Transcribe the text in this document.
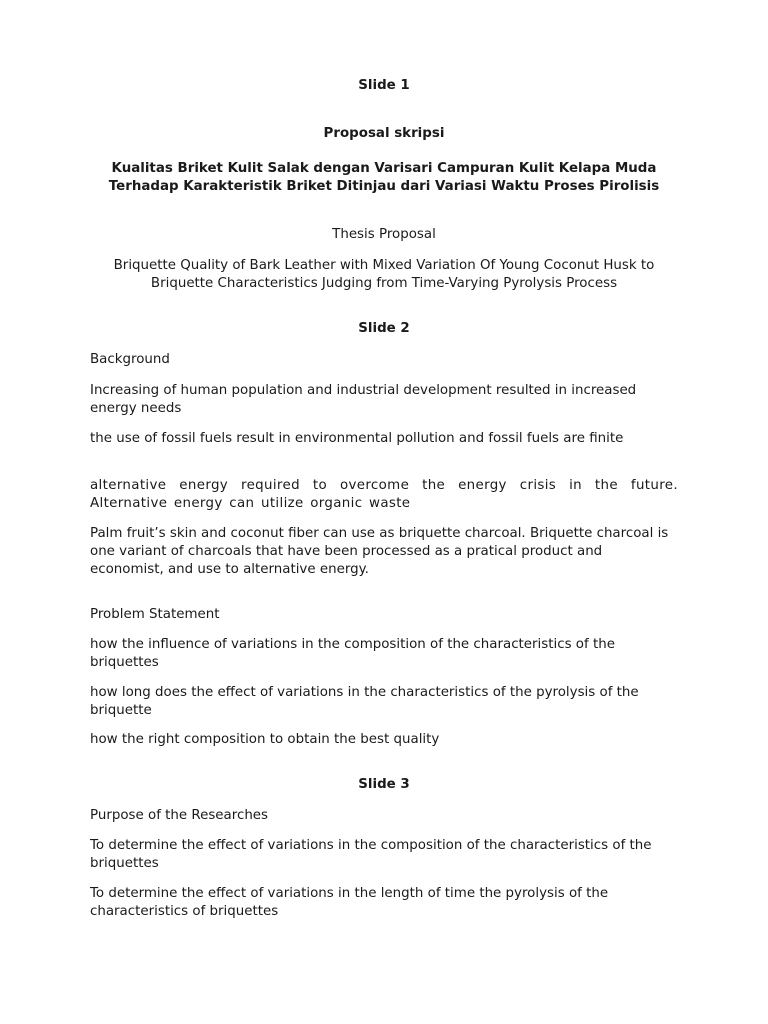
Slide 1

Proposal skripsi

Kualitas Briket Kulit Salak dengan Varisari Campuran Kulit Kelapa Muda Terhadap Karakteristik Briket Ditinjau dari Variasi Waktu Proses Pirolisis

Thesis Proposal

Briquette Quality of Bark Leather with Mixed Variation Of Young Coconut Husk to Briquette Characteristics Judging from Time-Varying Pyrolysis Process

Slide 2

Background

Increasing of human population and industrial development resulted in increased energy needs

the use of fossil fuels result in environmental pollution and fossil fuels are finite

alternative energy required to overcome the energy crisis in the future. Alternative energy can utilize organic waste

Palm fruit’s skin and coconut fiber can use as briquette charcoal. Briquette charcoal is one variant of charcoals that have been processed as a pratical product and economist, and use to alternative energy.

Problem Statement

how the influence of variations in the composition of the characteristics of the briquettes

how long does the effect of variations in the characteristics of the pyrolysis of the briquette

how the right composition to obtain the best quality

Slide 3

Purpose of the Researches

To determine the effect of variations in the composition of the characteristics of the briquettes

To determine the effect of variations in the length of time the pyrolysis of the characteristics of briquettes
